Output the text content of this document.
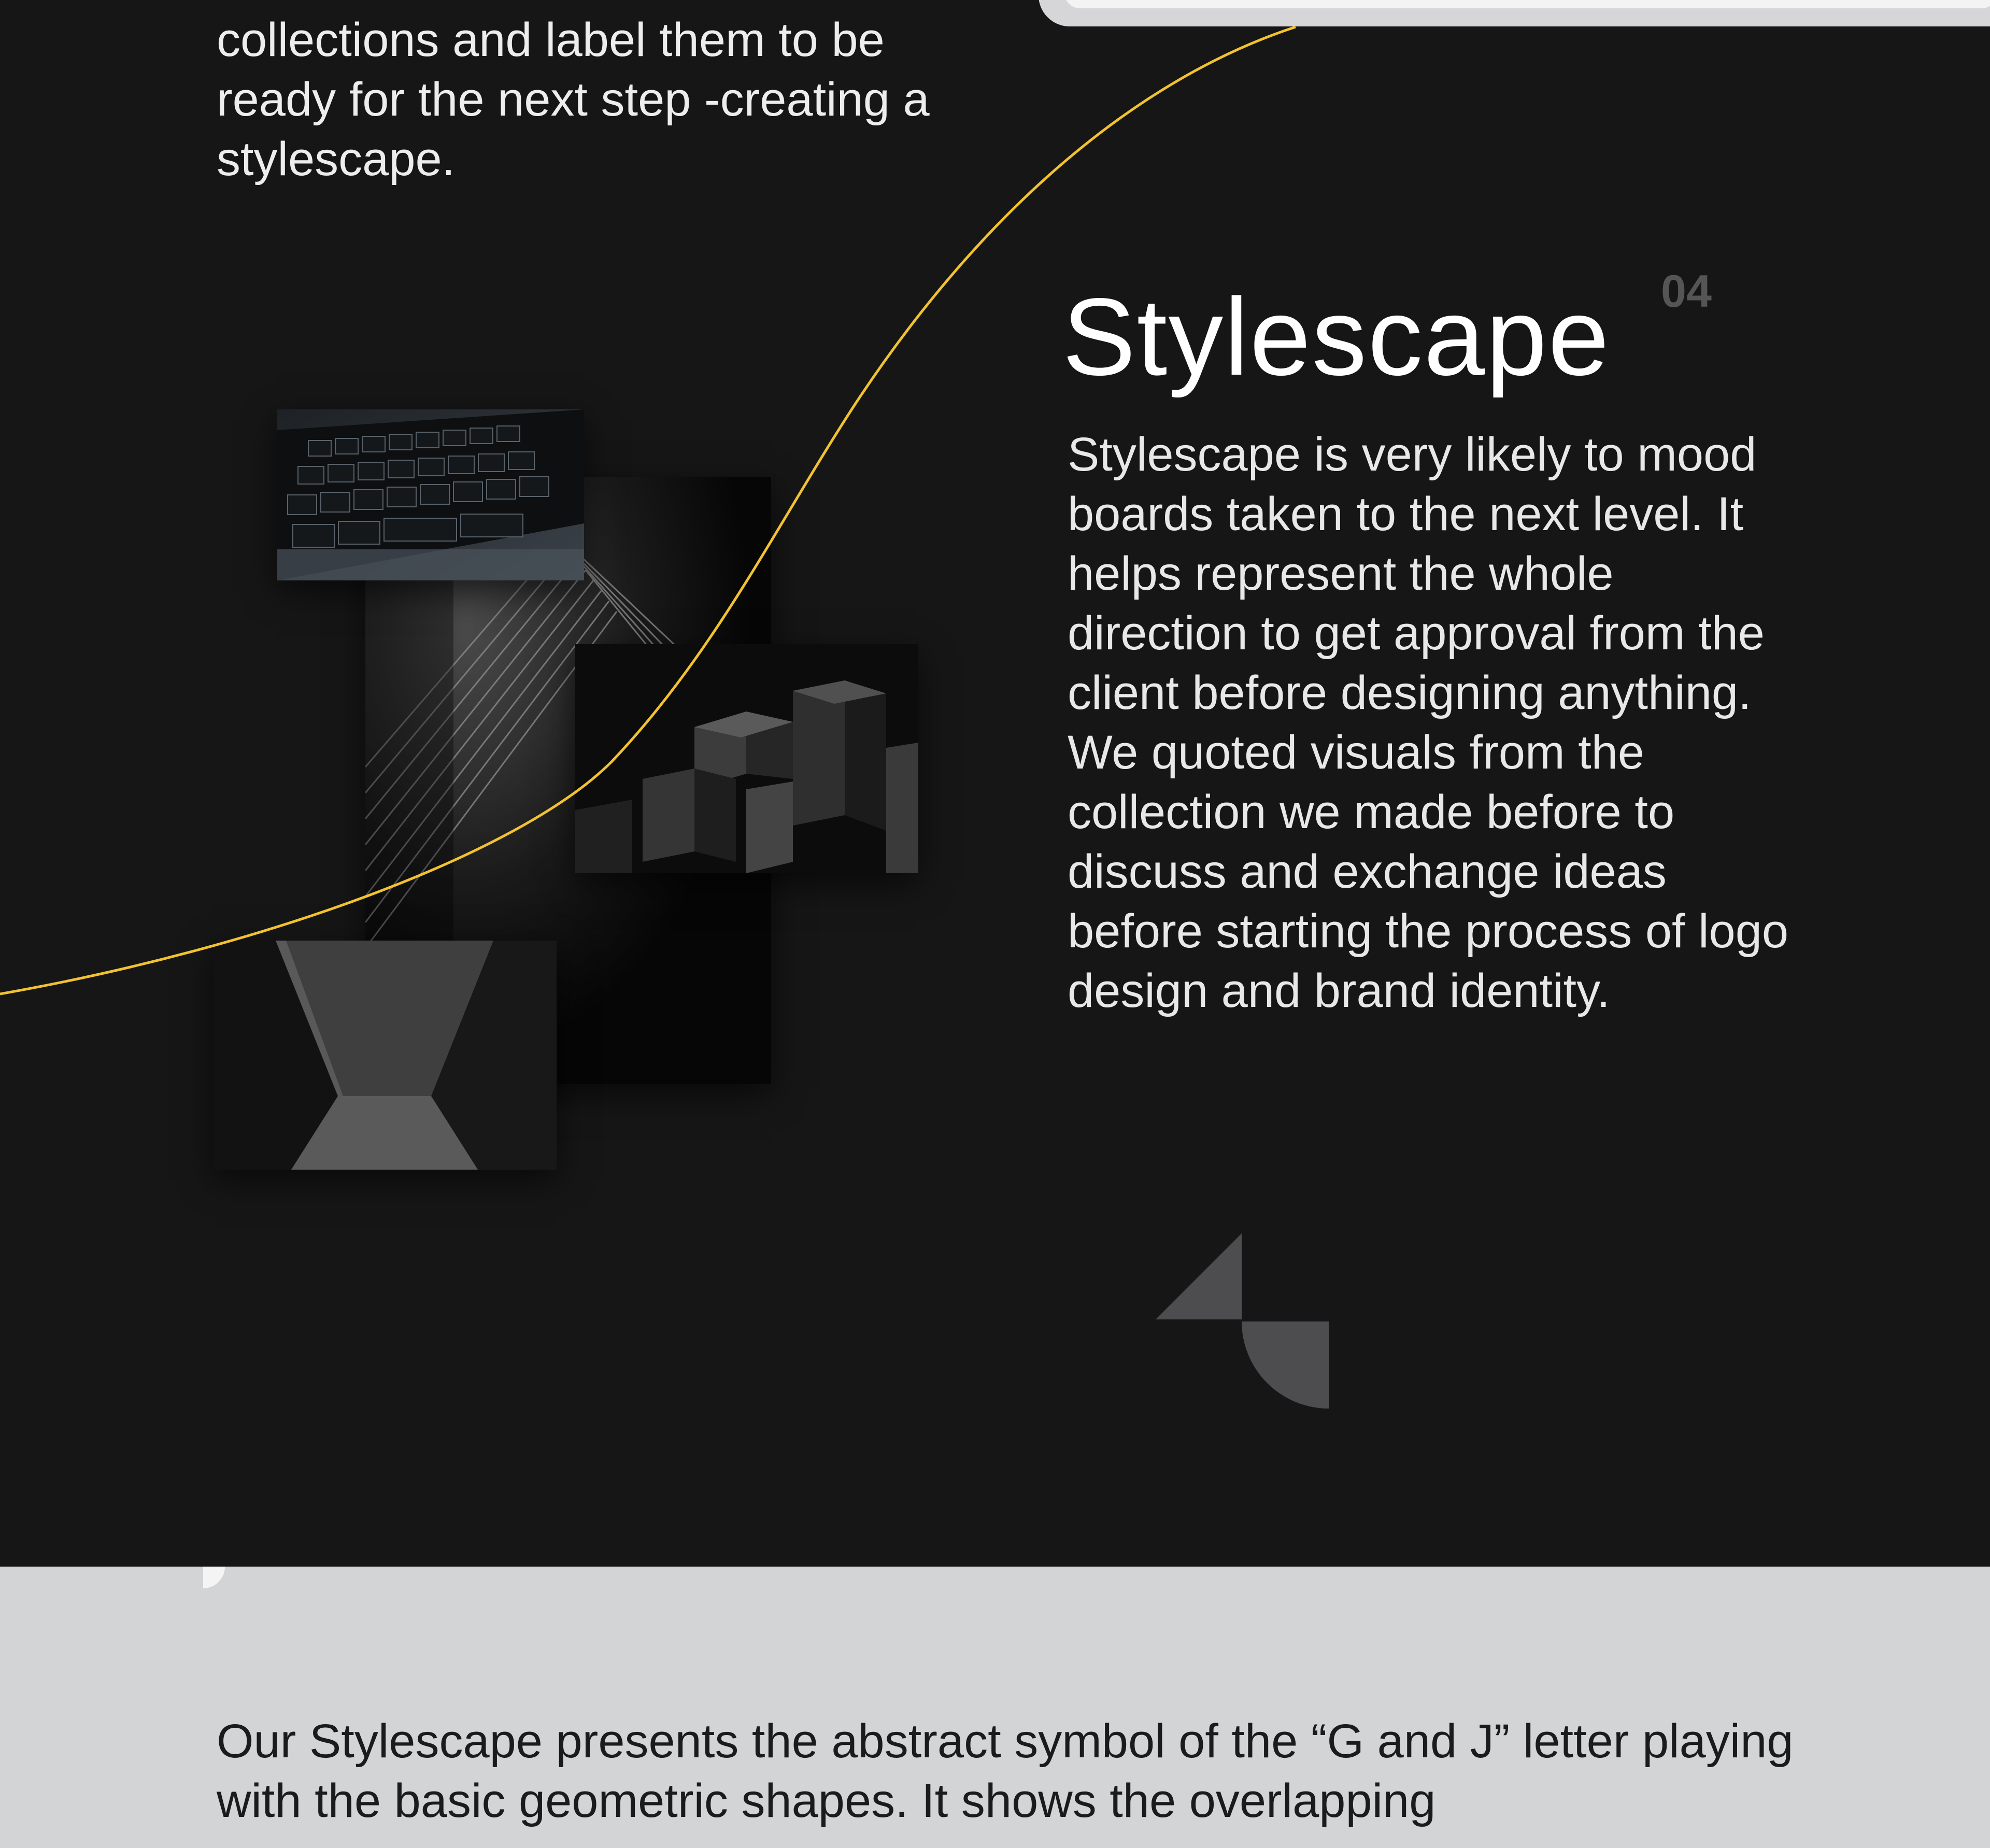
collections and label them to be ready for the next step -creating a stylescape.
Stylescape 04
Stylescape is very likely to mood boards taken to the next level. It helps represent the whole direction to get approval from the client before designing anything. We quoted visuals from the collection we made before to discuss and exchange ideas before starting the process of logo design and brand identity.
Our Stylescape presents the abstract symbol of the “G and J” letter playing with the basic geometric shapes. It shows the overlapping
